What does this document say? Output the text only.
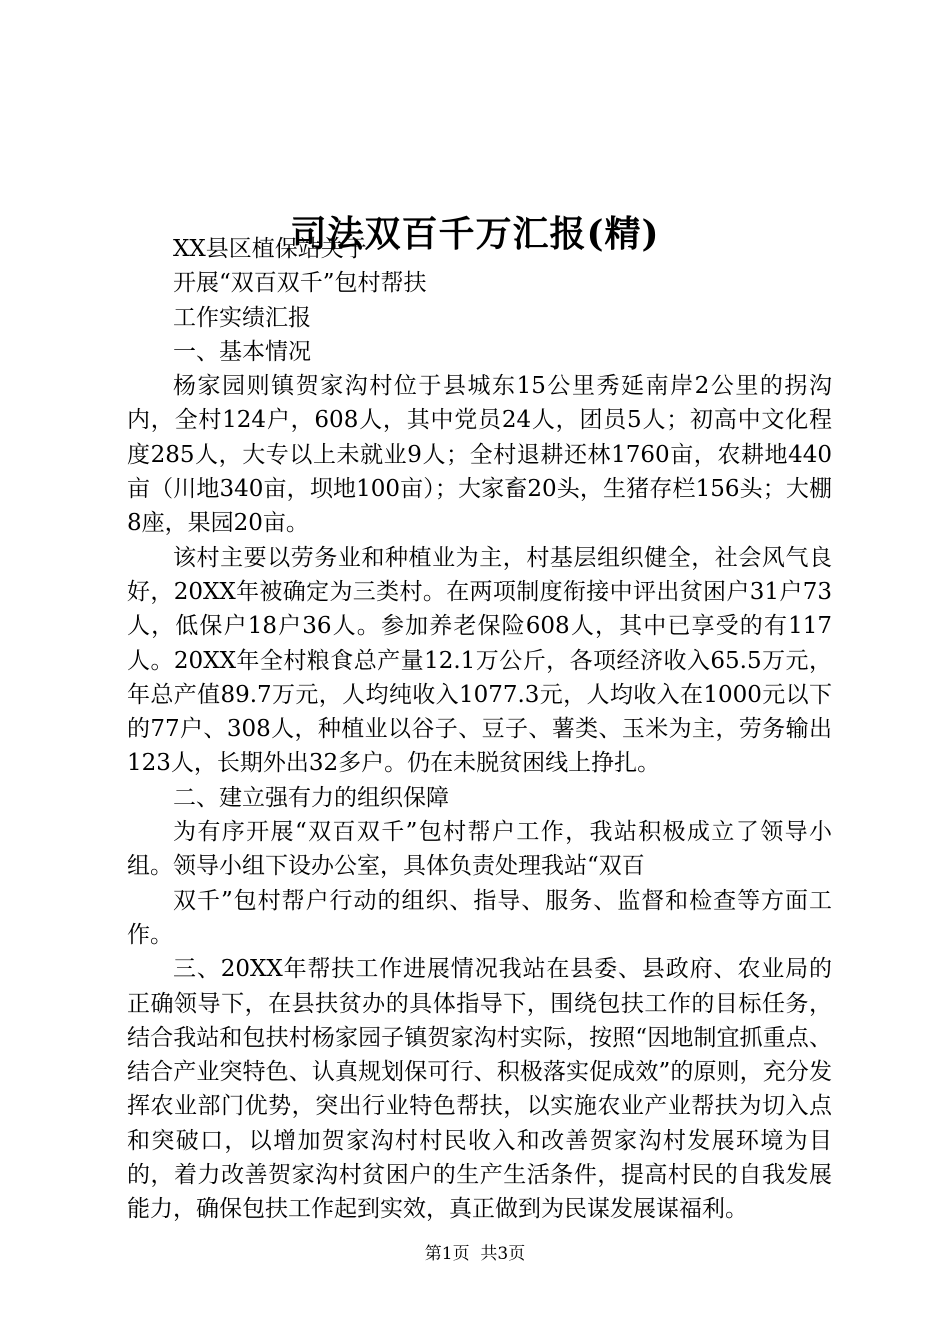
司法双百千万汇报(精)

XX县区植保站关于

开展“双百双千”包村帮扶

工作实绩汇报

一、基本情况

杨家园则镇贺家沟村位于县城东15公里秀延南岸2公里的拐沟内，全村124户，608人，其中党员24人，团员5人；初高中文化程度285人，大专以上未就业9人；全村退耕还林1760亩，农耕地440亩（川地340亩，坝地100亩）；大家畜20头，生猪存栏156头；大棚8座，果园20亩。

该村主要以劳务业和种植业为主，村基层组织健全，社会风气良好，20XX年被确定为三类村。在两项制度衔接中评出贫困户31户73人，低保户18户36人。参加养老保险608人，其中已享受的有117人。20XX年全村粮食总产量12.1万公斤，各项经济收入65.5万元，年总产值89.7万元，人均纯收入1077.3元，人均收入在1000元以下的77户、308人，种植业以谷子、豆子、薯类、玉米为主，劳务输出123人，长期外出32多户。仍在未脱贫困线上挣扎。

二、建立强有力的组织保障

为有序开展“双百双千”包村帮户工作，我站积极成立了领导小组。领导小组下设办公室，具体负责处理我站“双百

双千”包村帮户行动的组织、指导、服务、监督和检查等方面工作。

三、20XX年帮扶工作进展情况我站在县委、县政府、农业局的正确领导下，在县扶贫办的具体指导下，围绕包扶工作的目标任务，结合我站和包扶村杨家园子镇贺家沟村实际，按照“因地制宜抓重点、结合产业突特色、认真规划保可行、积极落实促成效”的原则，充分发挥农业部门优势，突出行业特色帮扶，以实施农业产业帮扶为切入点和突破口，以增加贺家沟村村民收入和改善贺家沟村发展环境为目的，着力改善贺家沟村贫困户的生产生活条件，提高村民的自我发展能力，确保包扶工作起到实效，真正做到为民谋发展谋福利。

第1页  共3页
